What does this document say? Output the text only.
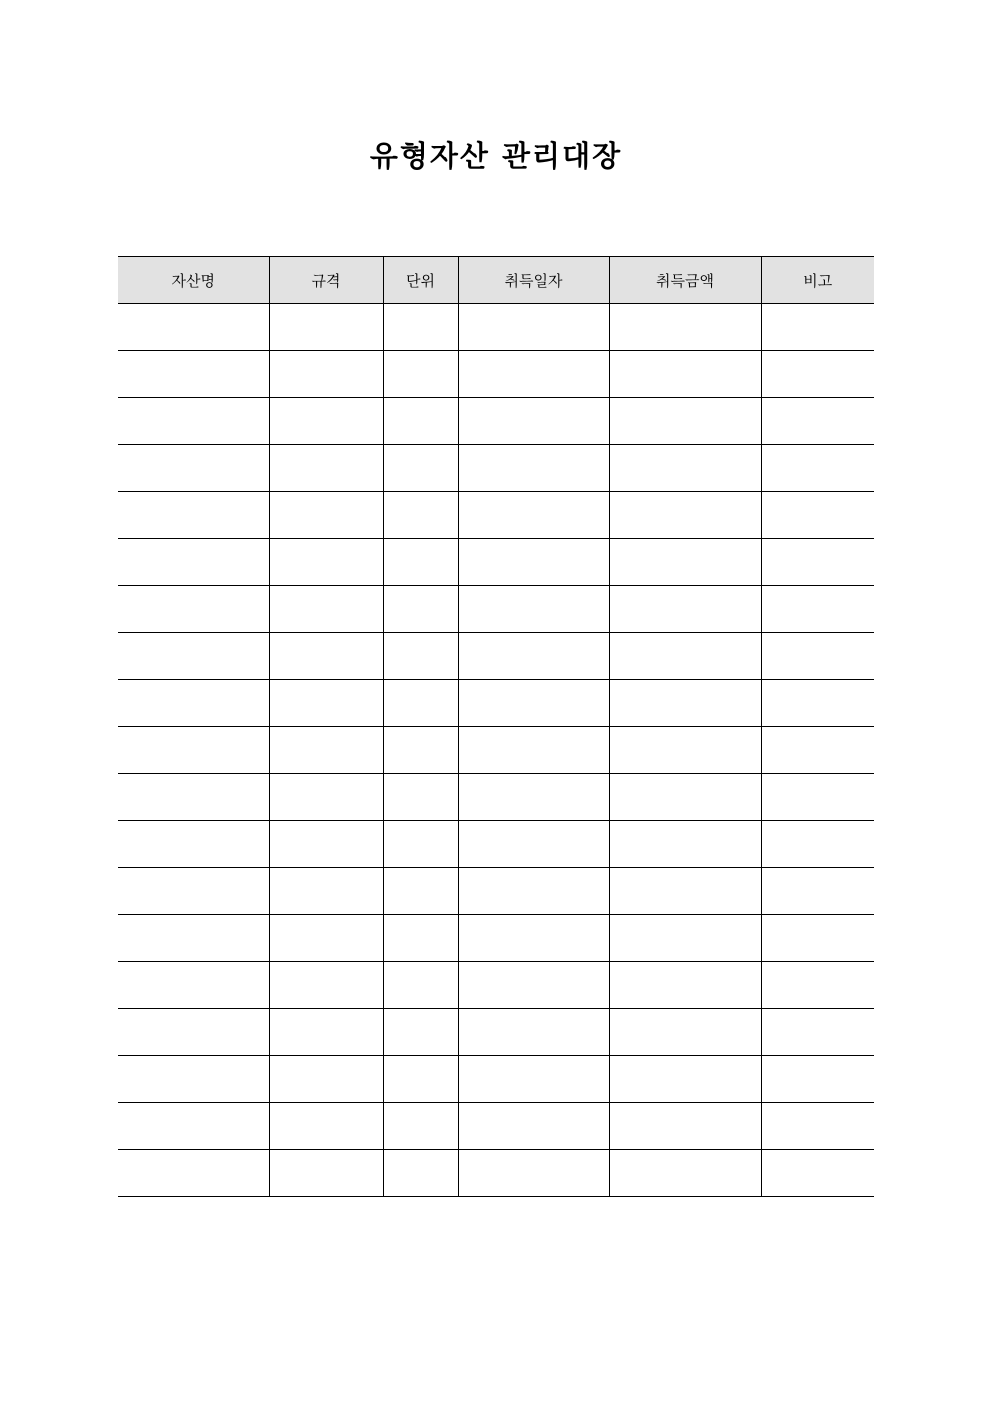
유형자산 관리대장
자산명	규격	단위	취득일자	취득금액	비고
